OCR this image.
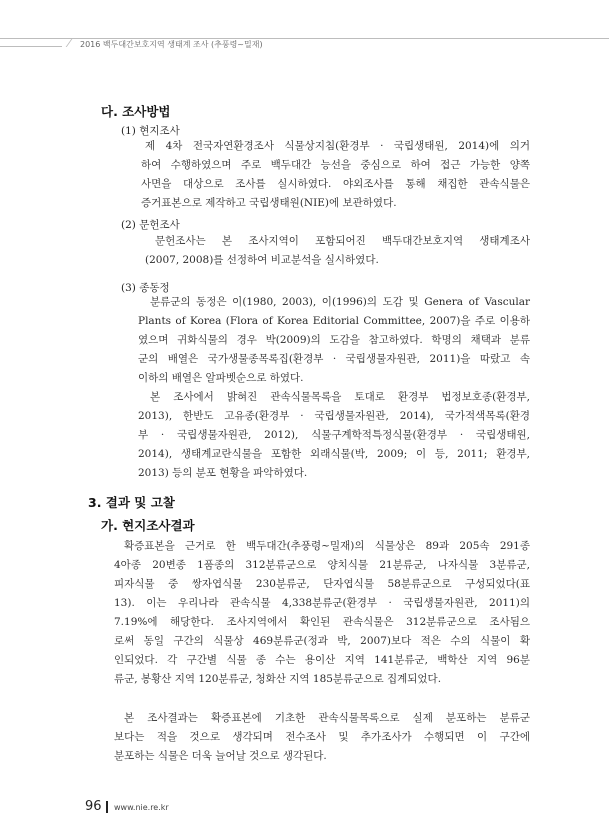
2016 백두대간보호지역 생태계 조사 (추풍령~밀재)
다. 조사방법

(1) 현지조사

제 4차 전국자연환경조사 식물상지침(환경부 · 국립생태원, 2014)에 의거
하여 수행하였으며 주로 백두대간 능선을 중심으로 하여 접근 가능한 양쪽
사면을 대상으로 조사를 실시하였다. 야외조사를 통해 채집한 관속식물은
증거표본으로 제작하고 국립생태원(NIE)에 보관하였다.

(2) 문헌조사

문헌조사는 본 조사지역이 포함되어진 백두대간보호지역 생태계조사
(2007, 2008)를 선정하여 비교분석을 실시하였다.

(3) 종동정

분류군의 동정은 이(1980, 2003), 이(1996)의 도감 및 Genera of Vascular
Plants of Korea (Flora of Korea Editorial Committee, 2007)을 주로 이용하
였으며 귀화식물의 경우 박(2009)의 도감을 참고하였다. 학명의 채택과 분류
군의 배열은 국가생물종목록집(환경부 · 국립생물자원관, 2011)을 따랐고 속
이하의 배열은 알파벳순으로 하였다.
본 조사에서 밝혀진 관속식물목록을 토대로 환경부 법정보호종(환경부,
2013), 한반도 고유종(환경부 · 국립생물자원관, 2014), 국가적색목록(환경
부 · 국립생물자원관, 2012), 식물구계학적특정식물(환경부 · 국립생태원,
2014), 생태계교란식물을 포함한 외래식물(박, 2009; 이 등, 2011; 환경부,
2013) 등의 분포 현황을 파악하였다.
3. 결과 및 고찰
가. 현지조사결과
확증표본을 근거로 한 백두대간(추풍령~밀재)의 식물상은 89과 205속 291종
4아종 20변종 1품종의 312분류군으로 양치식물 21분류군, 나자식물 3분류군,
피자식물 중 쌍자엽식물 230분류군, 단자엽식물 58분류군으로 구성되었다(표
13). 이는 우리나라 관속식물 4,338분류군(환경부 · 국립생물자원관, 2011)의
7.19%에 해당한다. 조사지역에서 확인된 관속식물은 312분류군으로 조사됨으
로써 동일 구간의 식물상 469분류군(정과 박, 2007)보다 적은 수의 식물이 확
인되었다. 각 구간별 식물 종 수는 용이산 지역 141분류군, 백학산 지역 96분
류군, 봉황산 지역 120분류군, 청화산 지역 185분류군으로 집계되었다.
본 조사결과는 확증표본에 기초한 관속식물목록으로 실제 분포하는 분류군
보다는 적을 것으로 생각되며 전수조사 및 추가조사가 수행되면 이 구간에
분포하는 식물은 더욱 늘어날 것으로 생각된다.
96 www.nie.re.kr
